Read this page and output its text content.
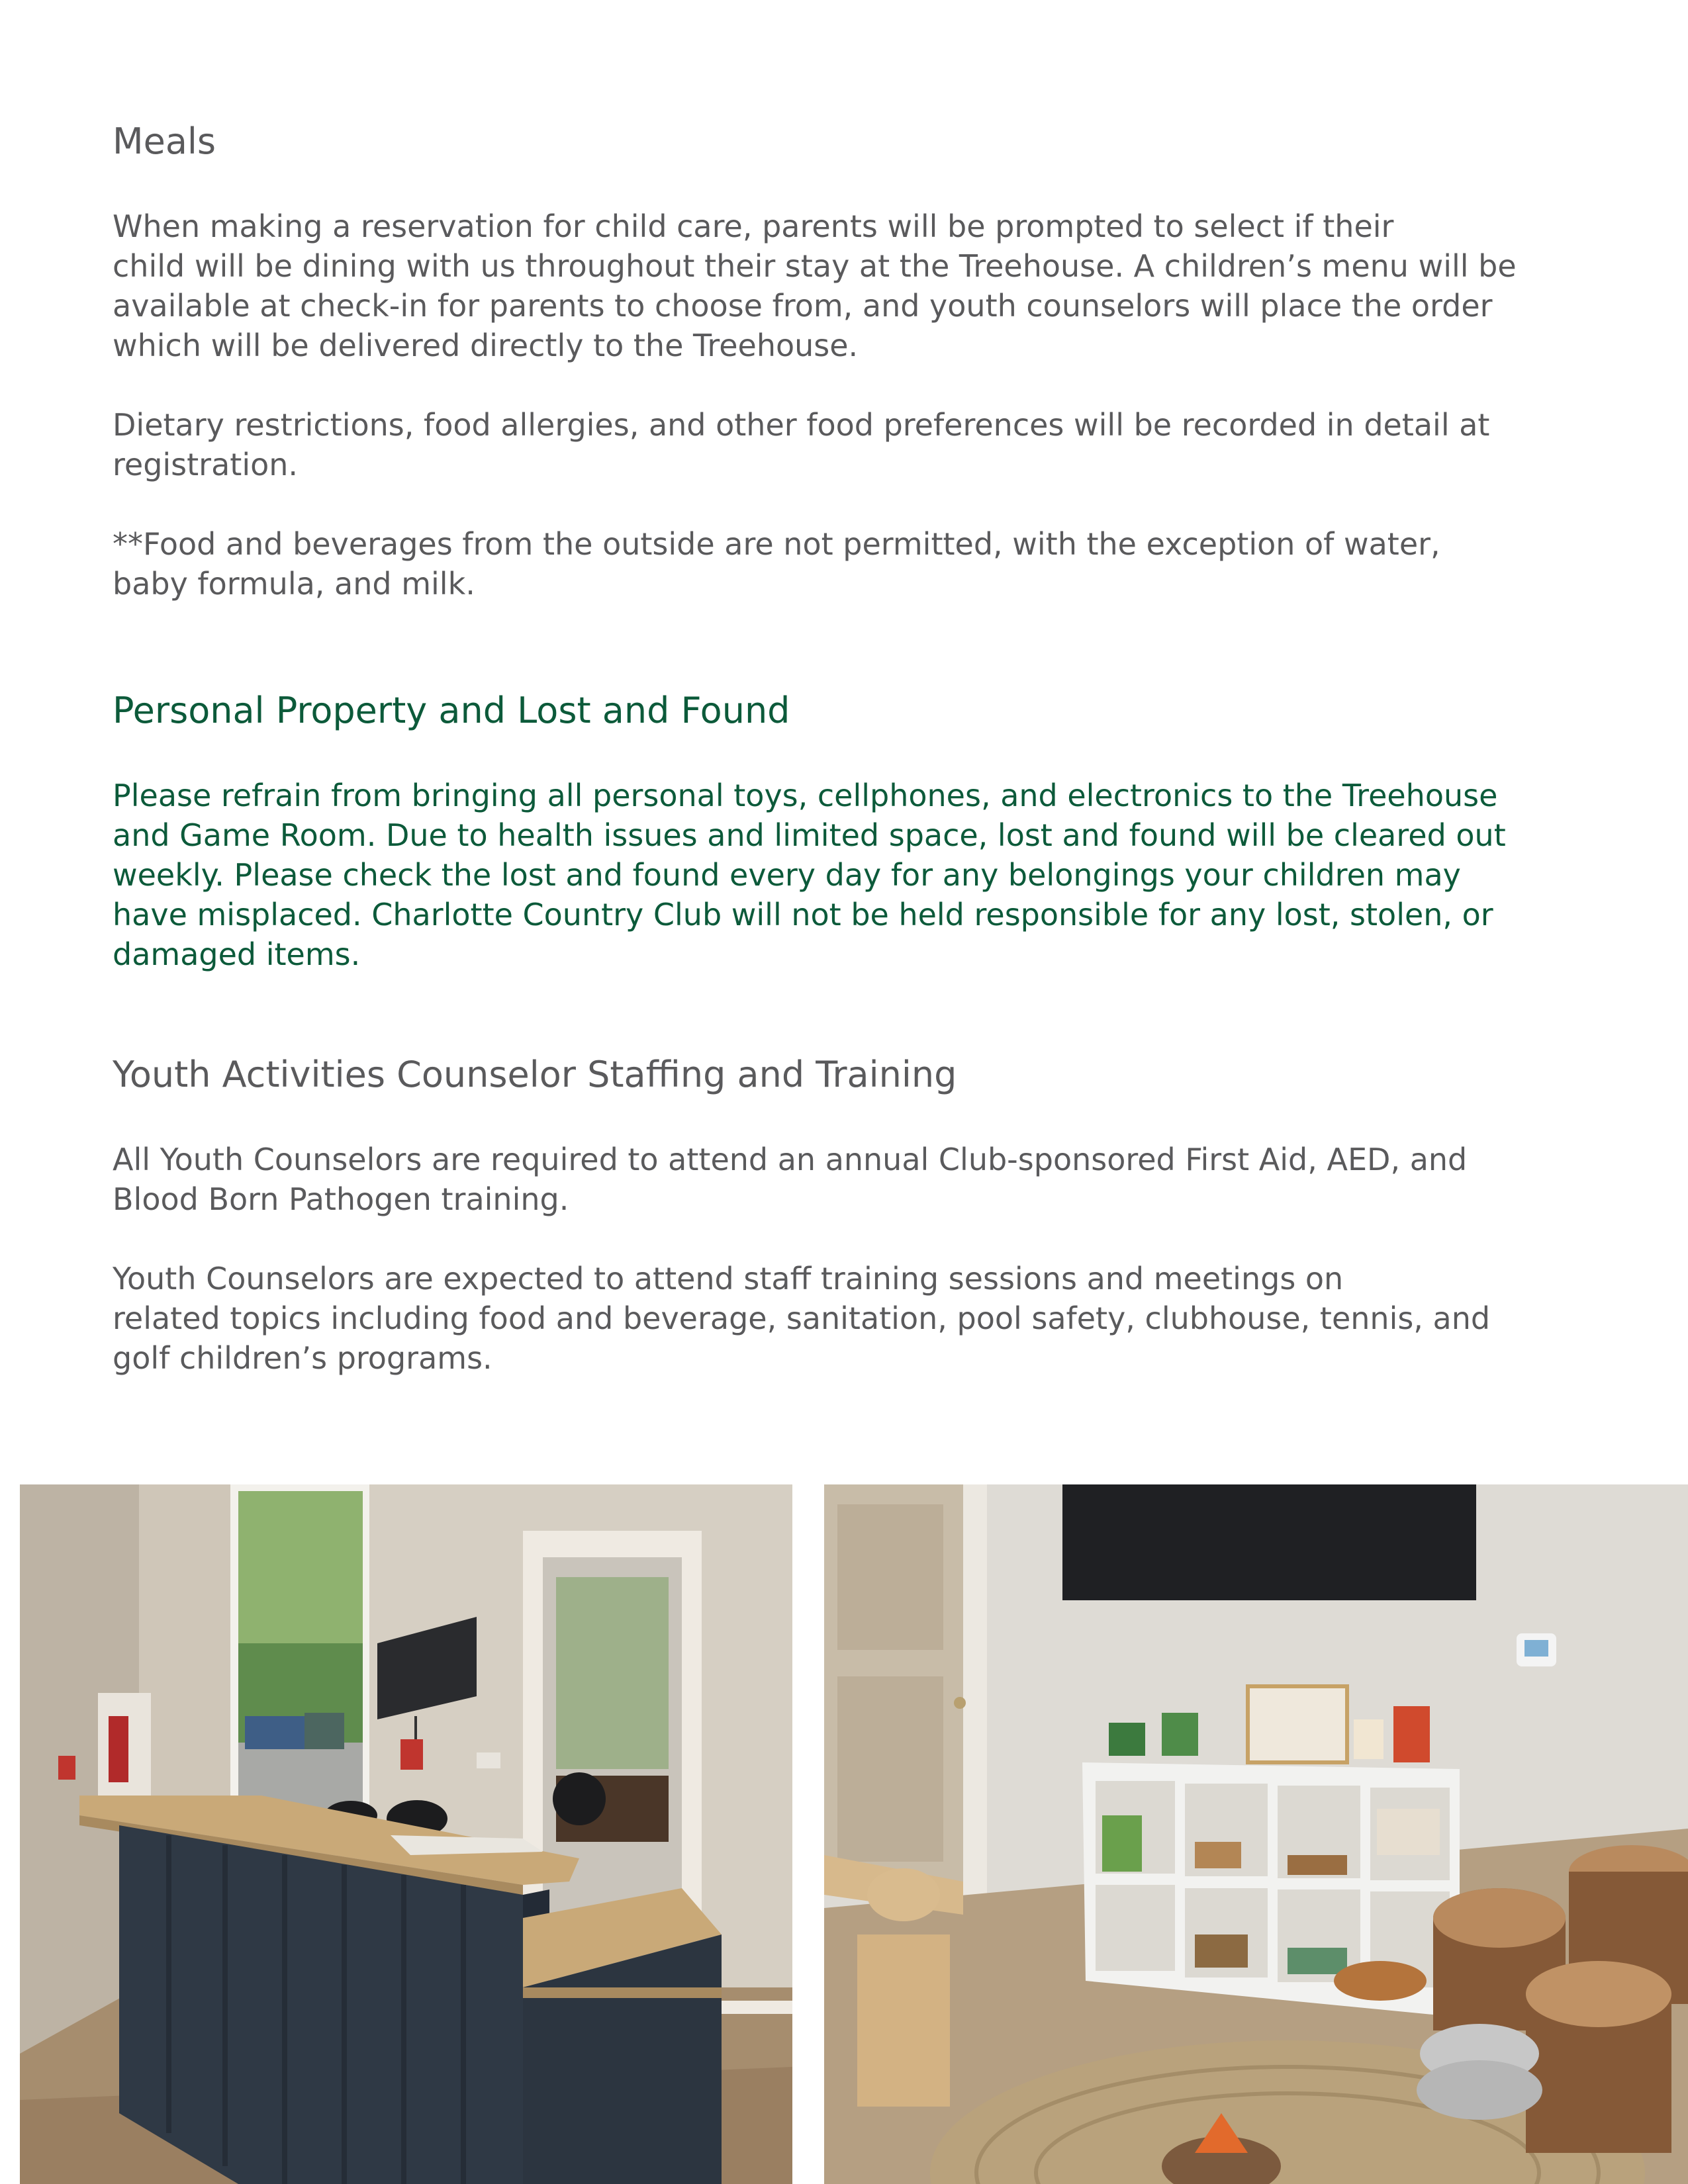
Meals

When making a reservation for child care, parents will be prompted to select if their
child will be dining with us throughout their stay at the Treehouse. A children’s menu will be
available at check-in for parents to choose from, and youth counselors will place the order
which will be delivered directly to the Treehouse.

Dietary restrictions, food allergies, and other food preferences will be recorded in detail at
registration.

**Food and beverages from the outside are not permitted, with the exception of water,
baby formula, and milk.

Personal Property and Lost and Found

Please refrain from bringing all personal toys, cellphones, and electronics to the Treehouse
and Game Room. Due to health issues and limited space, lost and found will be cleared out
weekly. Please check the lost and found every day for any belongings your children may
have misplaced. Charlotte Country Club will not be held responsible for any lost, stolen, or
damaged items.

Youth Activities Counselor Staffing and Training

All Youth Counselors are required to attend an annual Club-sponsored First Aid, AED, and
Blood Born Pathogen training.

Youth Counselors are expected to attend staff training sessions and meetings on
related topics including food and beverage, sanitation, pool safety, clubhouse, tennis, and
golf children’s programs.
